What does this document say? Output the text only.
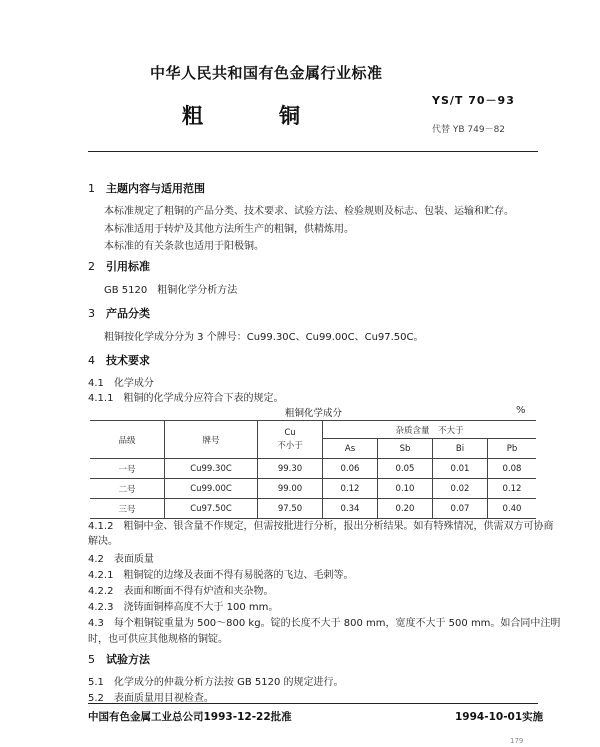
中华人民共和国有色金属行业标准
YS/T 70－93
粗铜
代替 YB 749－82
1 主题内容与适用范围
本标准规定了粗铜的产品分类、技术要求、试验方法、检验规则及标志、包装、运输和贮存。
本标准适用于转炉及其他方法所生产的粗铜，供精炼用。
本标准的有关条款也适用于阳极铜。
2 引用标准
GB 5120　粗铜化学分析方法
3 产品分类
粗铜按化学成分分为 3 个牌号：Cu99.30C、Cu99.00C、Cu97.50C。
4 技术要求
4.1　化学成分
4.1.1　粗铜的化学成分应符合下表的规定。
粗铜化学成分	%
品级	牌号	Cu
不小于	杂质含量　不大于			
			As	Sb	Bi	Pb
一号	Cu99.30C	99.30	0.06	0.05	0.01	0.08
二号	Cu99.00C	99.00	0.12	0.10	0.02	0.12
三号	Cu97.50C	97.50	0.34	0.20	0.07	0.40
4.1.2　粗铜中金、银含量不作规定，但需按批进行分析，报出分析结果。如有特殊情况，供需双方可协商
解决。
4.2　表面质量
4.2.1　粗铜锭的边缘及表面不得有易脱落的飞边、毛刺等。
4.2.2　表面和断面不得有炉渣和夹杂物。
4.2.3　浇铸面铜棒高度不大于 100 mm。
4.3　每个粗铜锭重量为 500～800 kg。锭的长度不大于 800 mm，宽度不大于 500 mm。如合同中注明
时，也可供应其他规格的铜锭。
5 试验方法
5.1　化学成分的仲裁分析方法按 GB 5120 的规定进行。
5.2　表面质量用目视检查。
中国有色金属工业总公司1993-12-22批准	1994-10-01实施
179
